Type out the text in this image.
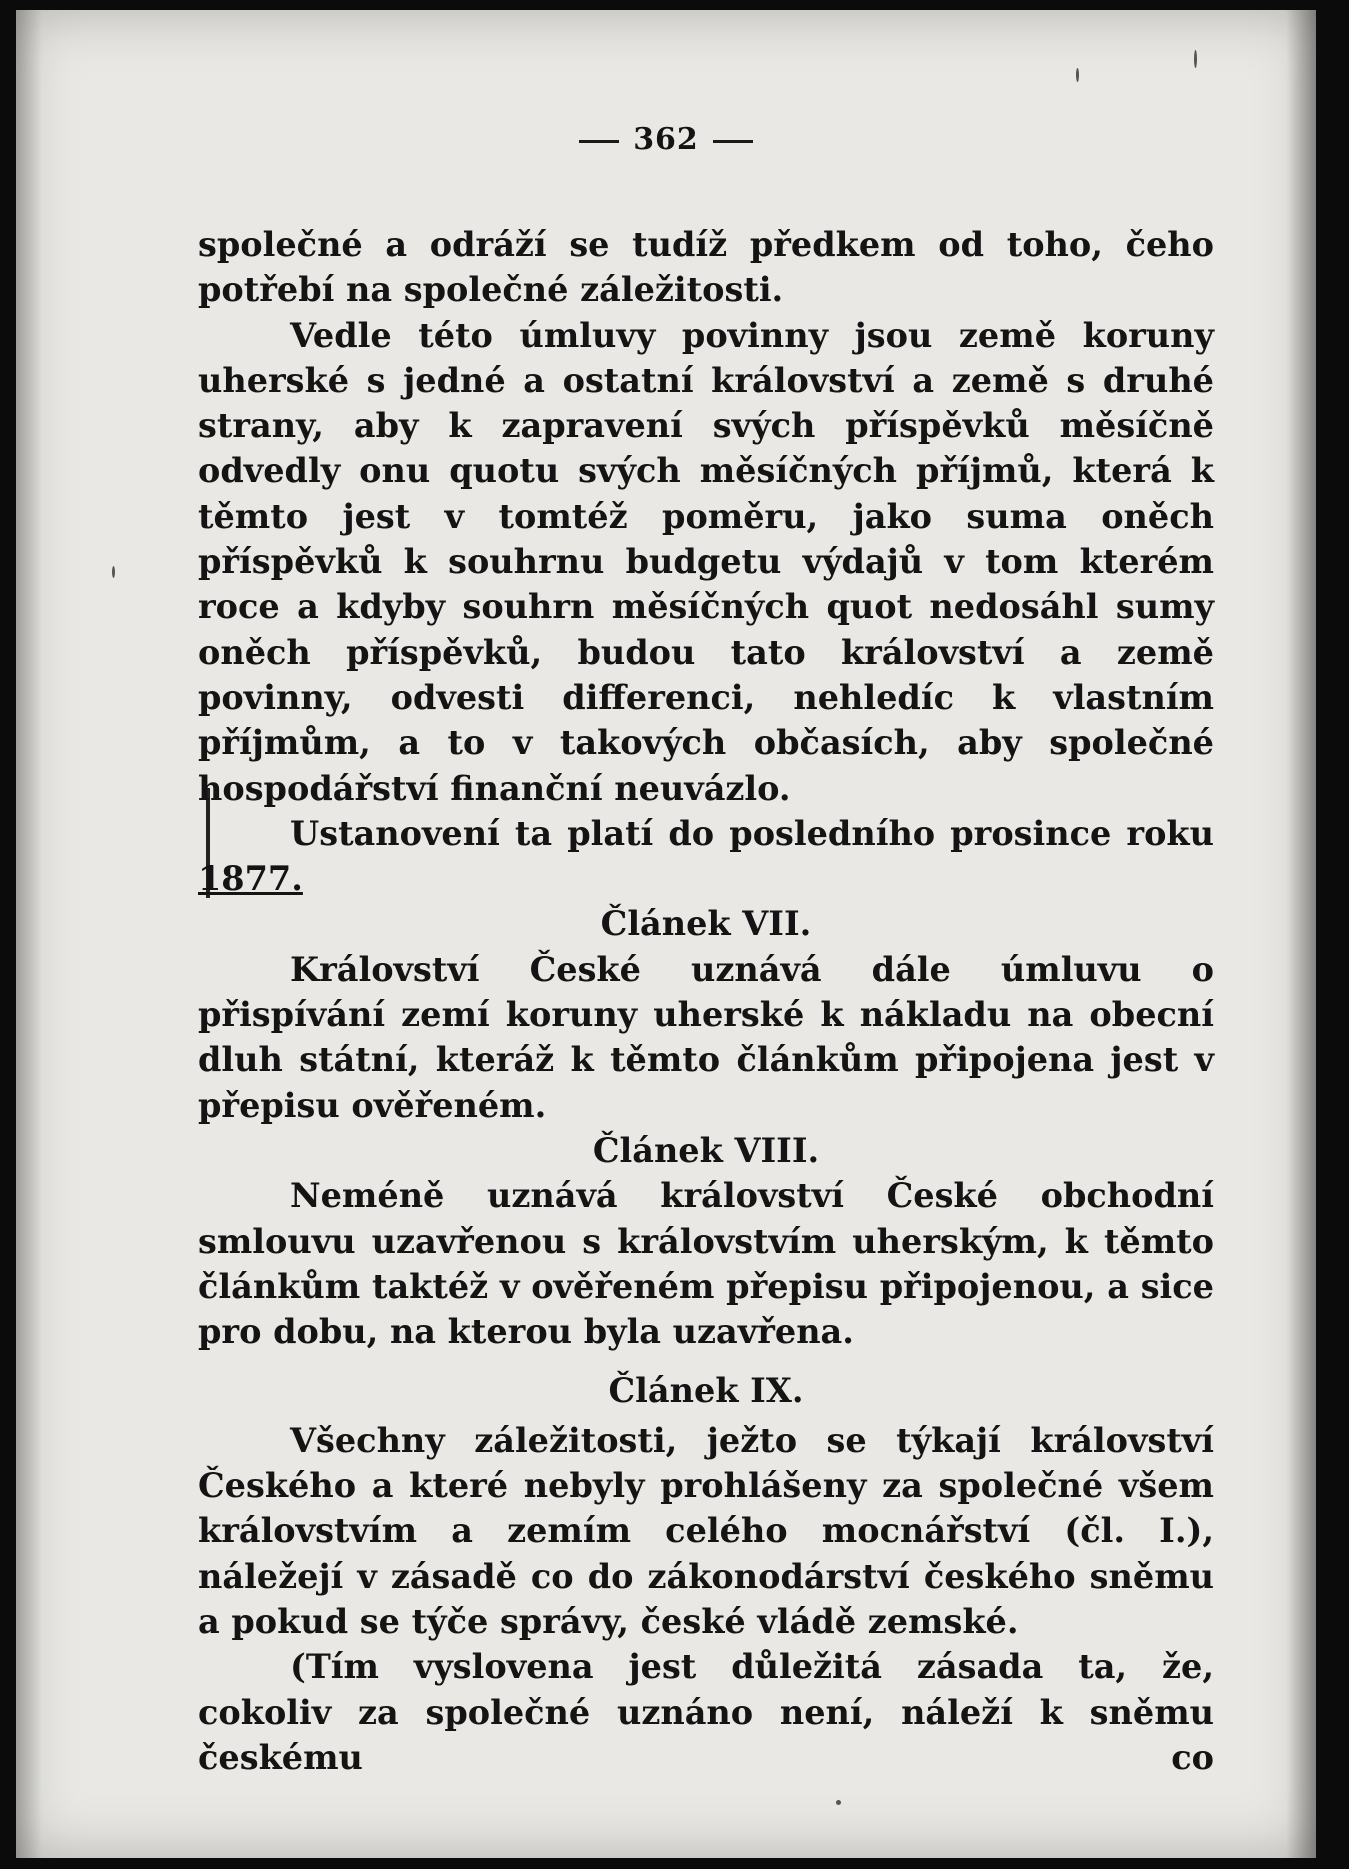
362

společné a odráží se tudíž předkem od toho, čeho potřebí na společné záležitosti.

Vedle této úmluvy povinny jsou země koruny uherské s jedné a ostatní království a země s druhé strany, aby k zapravení svých příspěvků měsíčně odvedly onu quotu svých měsíčných příjmů, která k těmto jest v tomtéž poměru, jako suma oněch příspěvků k souhrnu budgetu výdajů v tom kterém roce a kdyby souhrn měsíčných quot nedosáhl sumy oněch příspěvků, budou tato království a země povinny, odvesti differenci, nehledíc k vlastním příjmům, a to v takových občasích, aby společné hospodářství finanční neuvázlo.

Ustanovení ta platí do posledního prosince roku 1877.

Článek VII.

Království České uznává dále úmluvu o přispívání zemí koruny uherské k nákladu na obecní dluh státní, kteráž k těmto článkům připojena jest v přepisu ověřeném.

Článek VIII.

Neméně uznává království České obchodní smlouvu uzavřenou s královstvím uherským, k těmto článkům taktéž v ověřeném přepisu připojenou, a sice pro dobu, na kterou byla uzavřena.

Článek IX.

Všechny záležitosti, ježto se týkají království Českého a které nebyly prohlášeny za společné všem královstvím a zemím celého mocnářství (čl. I.), náležejí v zásadě co do zákonodárství českého sněmu a pokud se týče správy, české vládě zemské.

(Tím vyslovena jest důležitá zásada ta, že, cokoliv za společné uznáno není, náleží k sněmu českému co
